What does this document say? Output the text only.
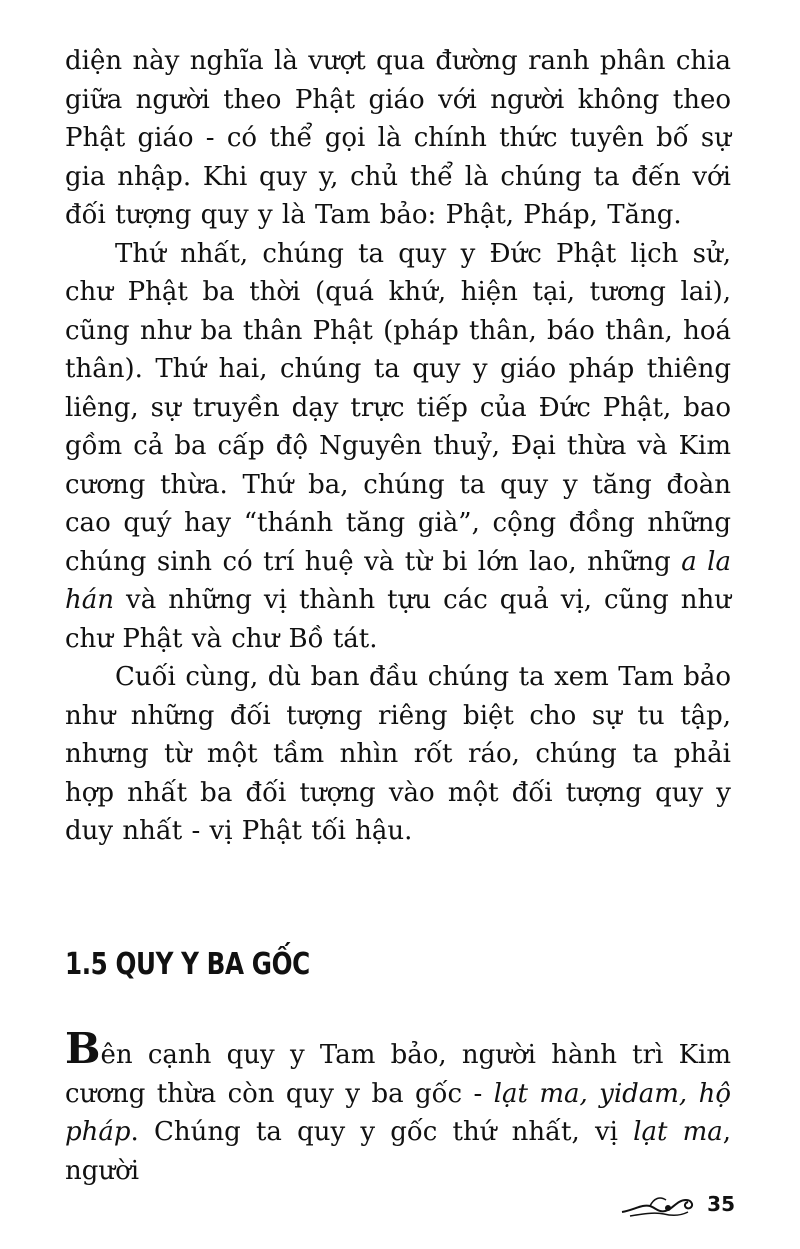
diện này nghĩa là vượt qua đường ranh phân chia giữa người theo Phật giáo với người không theo Phật giáo - có thể gọi là chính thức tuyên bố sự gia nhập. Khi quy y, chủ thể là chúng ta đến với đối tượng quy y là Tam bảo: Phật, Pháp, Tăng.

Thứ nhất, chúng ta quy y Đức Phật lịch sử, chư Phật ba thời (quá khứ, hiện tại, tương lai), cũng như ba thân Phật (pháp thân, báo thân, hoá thân). Thứ hai, chúng ta quy y giáo pháp thiêng liêng, sự truyền dạy trực tiếp của Đức Phật, bao gồm cả ba cấp độ Nguyên thuỷ, Đại thừa và Kim cương thừa. Thứ ba, chúng ta quy y tăng đoàn cao quý hay “thánh tăng già”, cộng đồng những chúng sinh có trí huệ và từ bi lớn lao, những a la hán và những vị thành tựu các quả vị, cũng như chư Phật và chư Bồ tát.

Cuối cùng, dù ban đầu chúng ta xem Tam bảo như những đối tượng riêng biệt cho sự tu tập, nhưng từ một tầm nhìn rốt ráo, chúng ta phải hợp nhất ba đối tượng vào một đối tượng quy y duy nhất - vị Phật tối hậu.

1.5 QUY Y BA GỐC

Bên cạnh quy y Tam bảo, người hành trì Kim cương thừa còn quy y ba gốc - lạt ma, yidam, hộ pháp. Chúng ta quy y gốc thứ nhất, vị lạt ma, người

35
